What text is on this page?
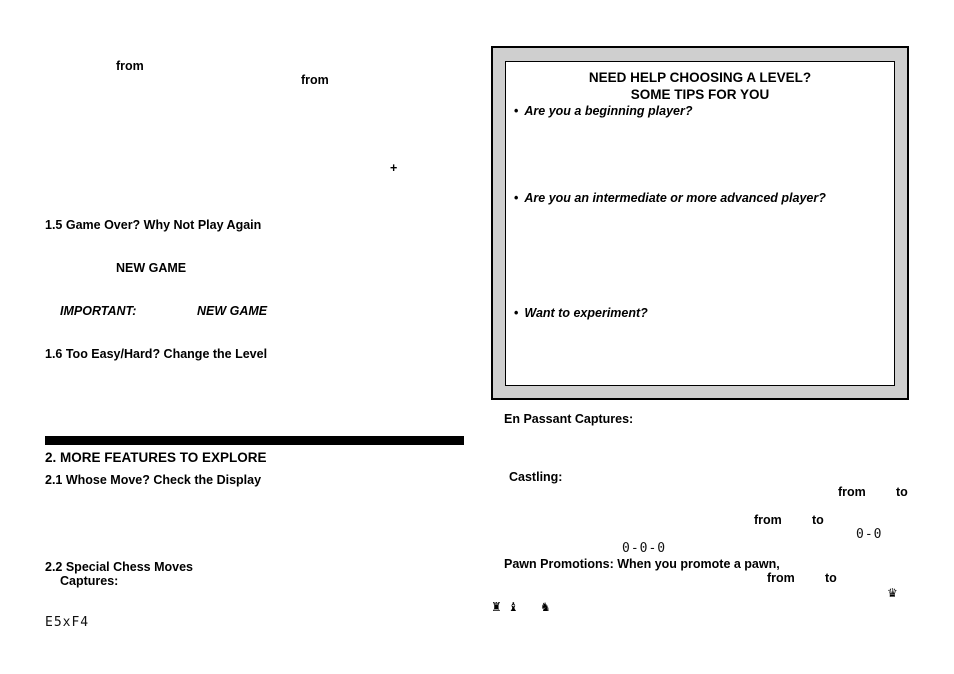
from
from
+
1.5 Game Over? Why Not Play Again
NEW GAME
IMPORTANT:	NEW GAME
1.6 Too Easy/Hard? Change the Level
2. MORE FEATURES TO EXPLORE
2.1 Whose Move? Check the Display
2.2 Special Chess Moves
Captures:
E5xF4
NEED HELP CHOOSING A LEVEL?
SOME TIPS FOR YOU
• Are you a beginning player?
• Are you an intermediate or more advanced player?
• Want to experiment?
En Passant Captures:
Castling:
from to
from to
0-0
0-0-0
Pawn Promotions: When you promote a pawn,
from to
♛
♜ ♝ ♞
